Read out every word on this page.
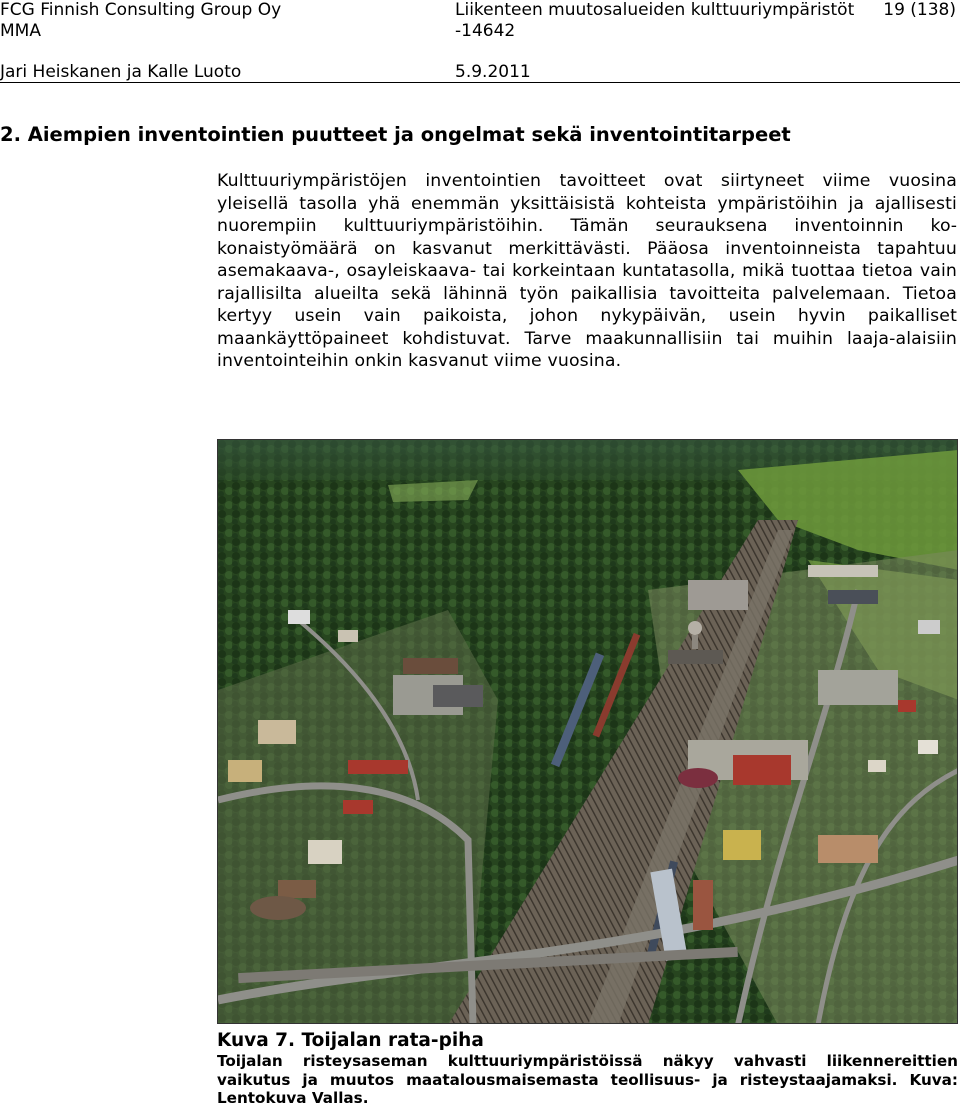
FCG Finnish Consulting Group Oy
MMA
Jari Heiskanen ja Kalle Luoto
Liikenteen muutosalueiden kulttuuriympäristöt
-14642
5.9.2011
19 (138)
2. Aiempien inventointien puutteet ja ongelmat sekä inventointitarpeet
Kulttuuriympäristöjen inventointien tavoitteet ovat siirtyneet viime vuosina yleisellä tasolla yhä enemmän yksittäisistä kohteista ympäristöihin ja ajallisesti nuorempiin kulttuuriympäristöihin. Tämän seurauksena inventoinnin kokonaistyömäärä on kasvanut merkittävästi. Pääosa inventoinneista tapahtuu asemakaava-, osayleiskaava- tai korkeintaan kuntatasolla, mikä tuottaa tietoa vain rajallisilta alueilta sekä lähinnä työn paikallisia tavoitteita palvelemaan. Tietoa kertyy usein vain paikoista, johon nykypäivän, usein hyvin paikalliset maankäyttöpaineet kohdistuvat. Tarve maakunnallisiin tai muihin laaja-alaisiin inventointeihin onkin kasvanut viime vuosina.
Kuva 7. Toijalan rata-piha
Toijalan risteysaseman kulttuuriympäristöissä näkyy vahvasti liikennereittien vaikutus ja muutos maatalousmaisemasta teollisuus- ja risteystaajamaksi. Kuva: Lentokuva Vallas.
